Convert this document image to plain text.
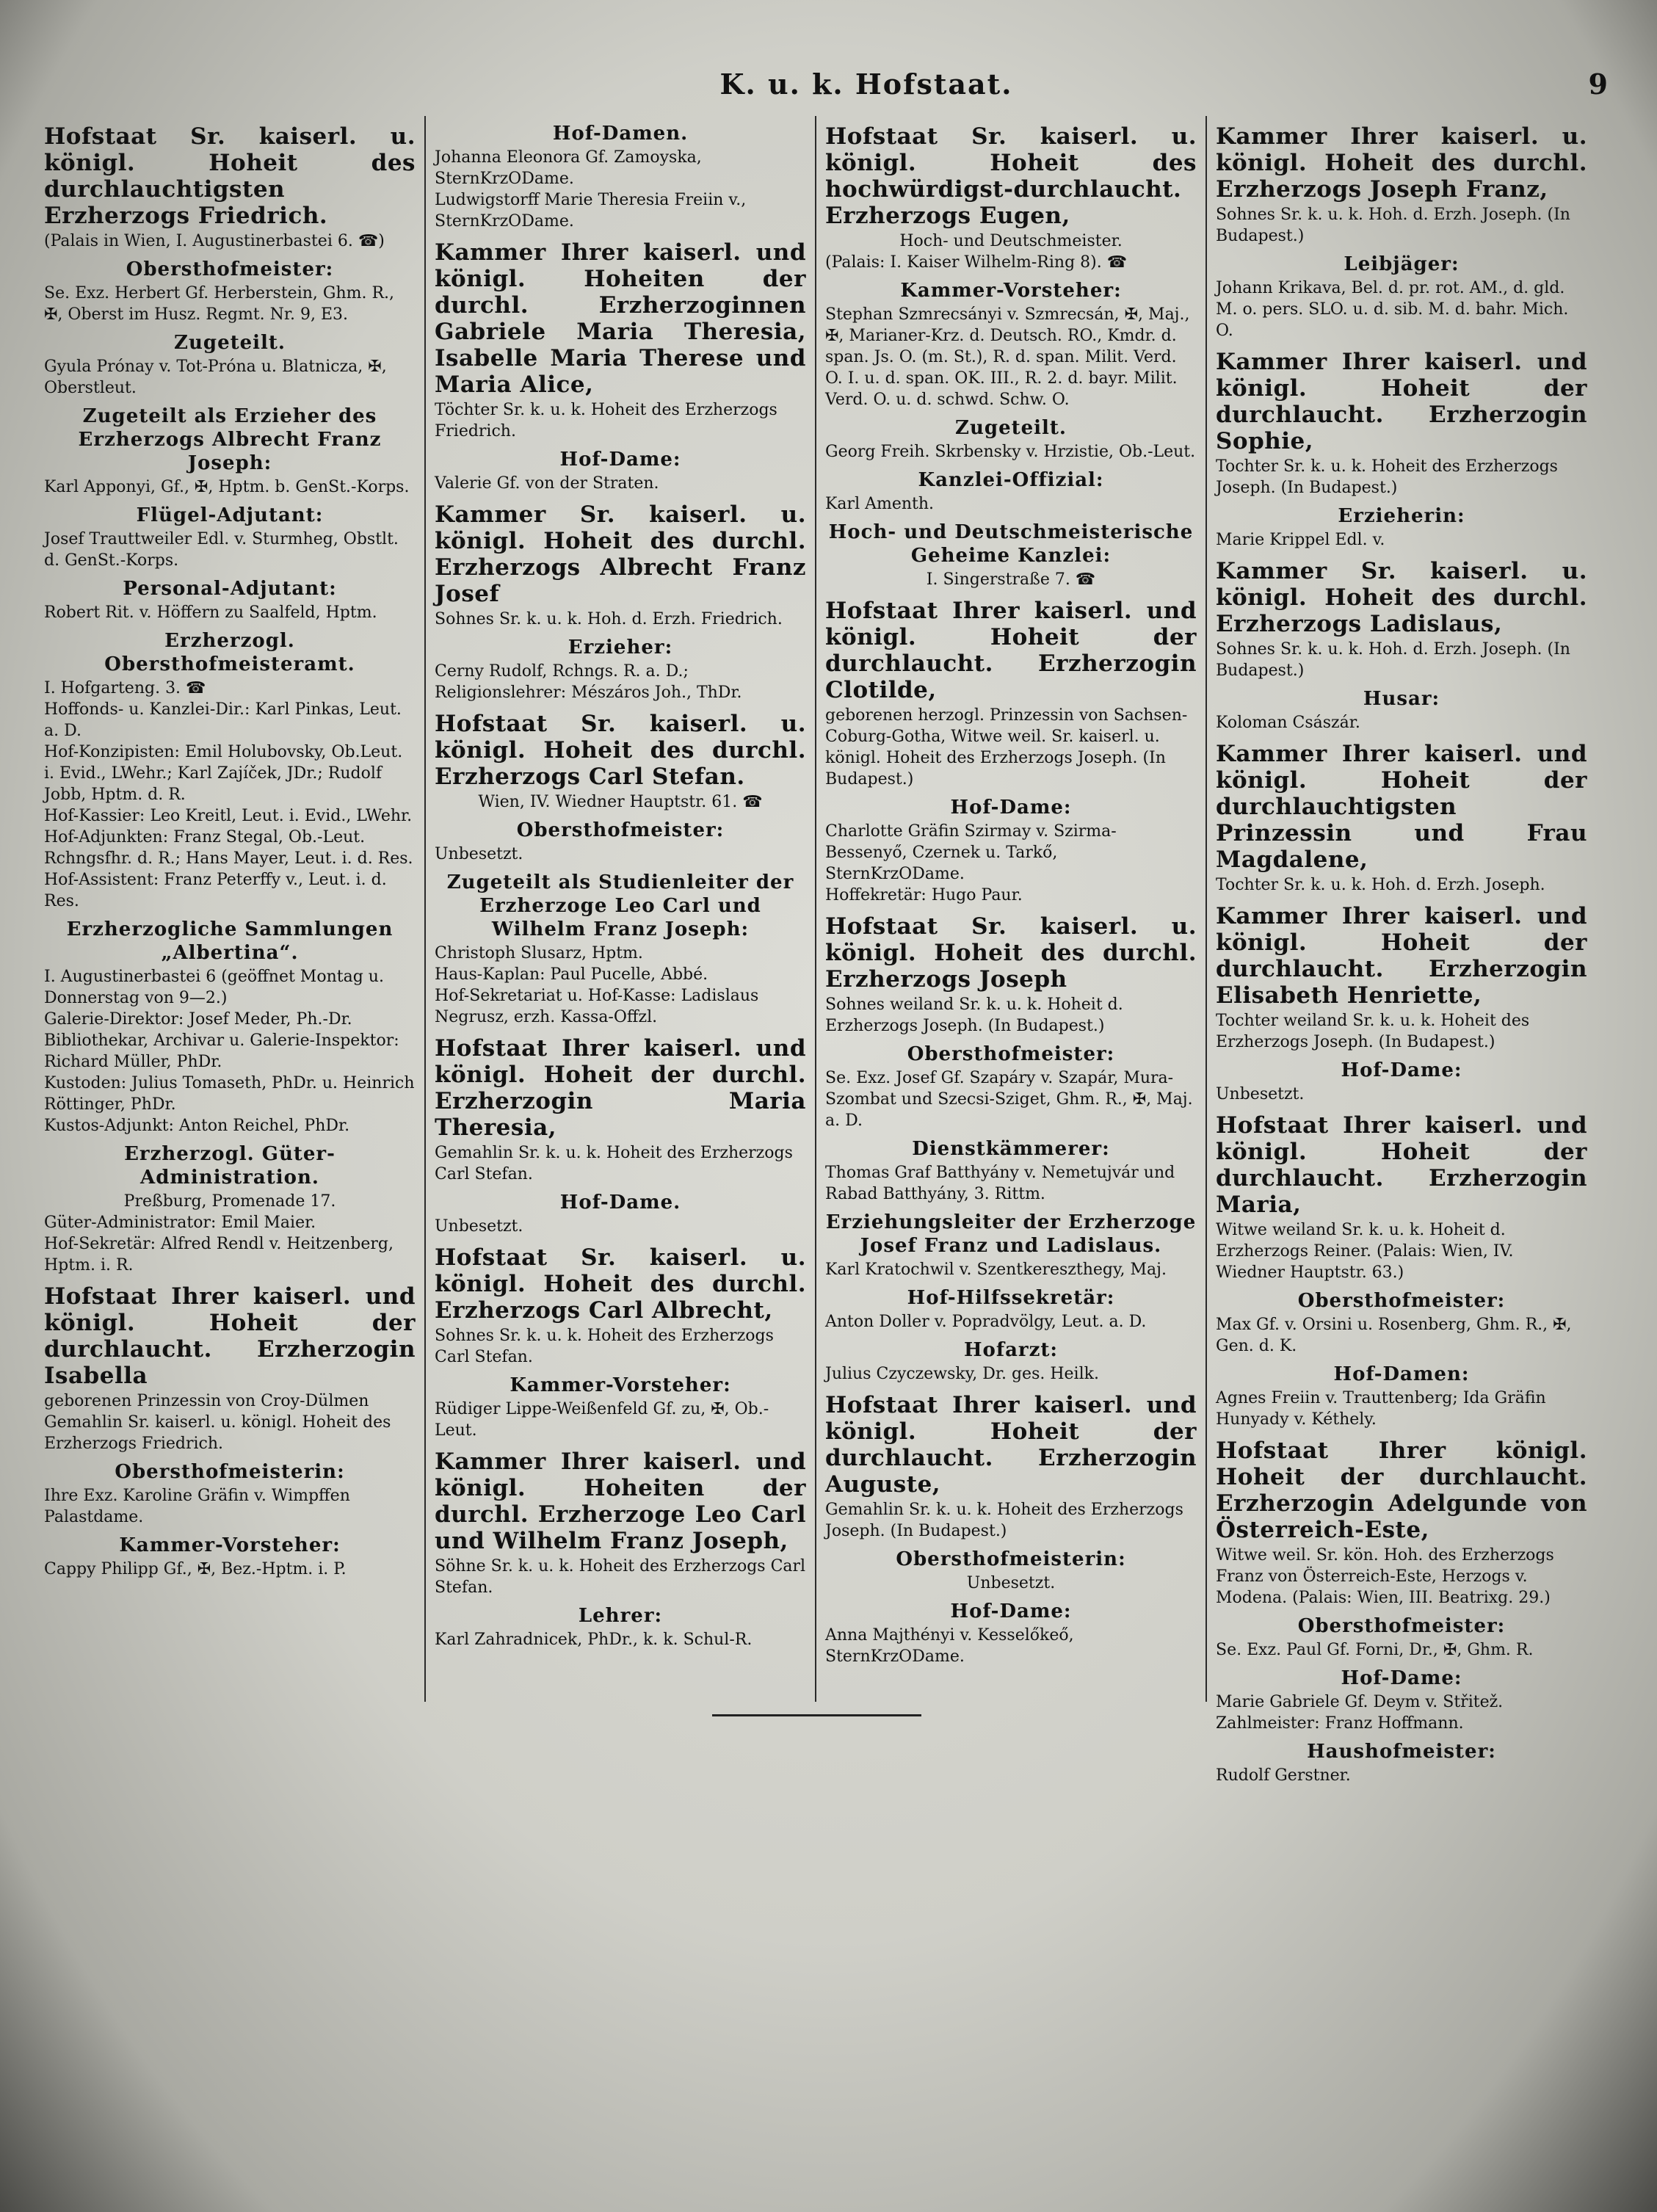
K. u. k. Hofstaat.	9

Hofstaat Sr. kaiserl. u. königl. Hoheit des durchlauchtigsten Erzherzogs Friedrich.

(Palais in Wien, I. Augustinerbastei 6. ☎)

Obersthofmeister:

Se. Exz. Herbert Gf. Herberstein, Ghm. R., ✠, Oberst im Husz. Regmt. Nr. 9, E3.

Zugeteilt.

Gyula Prónay v. Tot-Próna u. Blatnicza, ✠, Oberstleut.

Zugeteilt als Erzieher des Erzherzogs Albrecht Franz Joseph:

Karl Apponyi, Gf., ✠, Hptm. b. GenSt.-Korps.

Flügel-Adjutant:

Josef Trauttweiler Edl. v. Sturmheg, Obstlt. d. GenSt.-Korps.

Personal-Adjutant:

Robert Rit. v. Höffern zu Saalfeld, Hptm.

Erzherzogl. Obersthofmeisteramt.

I. Hofgarteng. 3. ☎

Hoffonds- u. Kanzlei-Dir.: Karl Pinkas, Leut. a. D.

Hof-Konzipisten: Emil Holubovsky, Ob.Leut. i. Evid., LWehr.; Karl Zajíček, JDr.; Rudolf Jobb, Hptm. d. R.

Hof-Kassier: Leo Kreitl, Leut. i. Evid., LWehr.

Hof-Adjunkten: Franz Stegal, Ob.-Leut. Rchngsfhr. d. R.; Hans Mayer, Leut. i. d. Res.

Hof-Assistent: Franz Peterffy v., Leut. i. d. Res.

Erzherzogliche Sammlungen „Albertina“.

I. Augustinerbastei 6 (geöffnet Montag u. Donnerstag von 9—2.)

Galerie-Direktor: Josef Meder, Ph.-Dr.

Bibliothekar, Archivar u. Galerie-Inspektor: Richard Müller, PhDr.

Kustoden: Julius Tomaseth, PhDr. u. Heinrich Röttinger, PhDr.

Kustos-Adjunkt: Anton Reichel, PhDr.

Erzherzogl. Güter-Administration.

Preßburg, Promenade 17.

Güter-Administrator: Emil Maier.

Hof-Sekretär: Alfred Rendl v. Heitzenberg, Hptm. i. R.

Hofstaat Ihrer kaiserl. und königl. Hoheit der durchlaucht. Erzherzogin Isabella

geborenen Prinzessin von Croy-Dülmen Gemahlin Sr. kaiserl. u. königl. Hoheit des Erzherzogs Friedrich.

Obersthofmeisterin:

Ihre Exz. Karoline Gräfin v. Wimpffen Palastdame.

Kammer-Vorsteher:

Cappy Philipp Gf., ✠, Bez.-Hptm. i. P.

Hof-Damen.

Johanna Eleonora Gf. Zamoyska, SternKrzODame.

Ludwigstorff Marie Theresia Freiin v., SternKrzODame.

Kammer Ihrer kaiserl. und königl. Hoheiten der durchl. Erzherzoginnen Gabriele Maria Theresia, Isabelle Maria Therese und Maria Alice,

Töchter Sr. k. u. k. Hoheit des Erzherzogs Friedrich.

Hof-Dame:

Valerie Gf. von der Straten.

Kammer Sr. kaiserl. u. königl. Hoheit des durchl. Erzherzogs Albrecht Franz Josef

Sohnes Sr. k. u. k. Hoh. d. Erzh. Friedrich.

Erzieher:

Cerny Rudolf, Rchngs. R. a. D.; Religionslehrer: Mészáros Joh., ThDr.

Hofstaat Sr. kaiserl. u. königl. Hoheit des durchl. Erzherzogs Carl Stefan.

Wien, IV. Wiedner Hauptstr. 61. ☎

Obersthofmeister:

Unbesetzt.

Zugeteilt als Studienleiter der Erzherzoge Leo Carl und Wilhelm Franz Joseph:

Christoph Slusarz, Hptm.

Haus-Kaplan: Paul Pucelle, Abbé.

Hof-Sekretariat u. Hof-Kasse: Ladislaus Negrusz, erzh. Kassa-Offzl.

Hofstaat Ihrer kaiserl. und königl. Hoheit der durchl. Erzherzogin Maria Theresia,

Gemahlin Sr. k. u. k. Hoheit des Erzherzogs Carl Stefan.

Hof-Dame.

Unbesetzt.

Hofstaat Sr. kaiserl. u. königl. Hoheit des durchl. Erzherzogs Carl Albrecht,

Sohnes Sr. k. u. k. Hoheit des Erzherzogs Carl Stefan.

Kammer-Vorsteher:

Rüdiger Lippe-Weißenfeld Gf. zu, ✠, Ob.-Leut.

Kammer Ihrer kaiserl. und königl. Hoheiten der durchl. Erzherzoge Leo Carl und Wilhelm Franz Joseph,

Söhne Sr. k. u. k. Hoheit des Erzherzogs Carl Stefan.

Lehrer:

Karl Zahradnicek, PhDr., k. k. Schul-R.

Hofstaat Sr. kaiserl. u. königl. Hoheit des hochwürdigst-durchlaucht. Erzherzogs Eugen,

Hoch- und Deutschmeister.

(Palais: I. Kaiser Wilhelm-Ring 8). ☎

Kammer-Vorsteher:

Stephan Szmrecsányi v. Szmrecsán, ✠, Maj., ✠, Marianer-Krz. d. Deutsch. RO., Kmdr. d. span. Js. O. (m. St.), R. d. span. Milit. Verd. O. I. u. d. span. OK. III., R. 2. d. bayr. Milit. Verd. O. u. d. schwd. Schw. O.

Zugeteilt.

Georg Freih. Skrbensky v. Hrzistie, Ob.-Leut.

Kanzlei-Offizial:

Karl Amenth.

Hoch- und Deutschmeisterische Geheime Kanzlei:

I. Singerstraße 7. ☎

Hofstaat Ihrer kaiserl. und königl. Hoheit der durchlaucht. Erzherzogin Clotilde,

geborenen herzogl. Prinzessin von Sachsen-Coburg-Gotha, Witwe weil. Sr. kaiserl. u. königl. Hoheit des Erzherzogs Joseph. (In Budapest.)

Hof-Dame:

Charlotte Gräfin Szirmay v. Szirma-Bessenyő, Czernek u. Tarkő, SternKrzODame.

Hoffekretär: Hugo Paur.

Hofstaat Sr. kaiserl. u. königl. Hoheit des durchl. Erzherzogs Joseph

Sohnes weiland Sr. k. u. k. Hoheit d. Erzherzogs Joseph. (In Budapest.)

Obersthofmeister:

Se. Exz. Josef Gf. Szapáry v. Szapár, Mura-Szombat und Szecsi-Sziget, Ghm. R., ✠, Maj. a. D.

Dienstkämmerer:

Thomas Graf Batthyány v. Nemetujvár und Rabad Batthyány, 3. Rittm.

Erziehungsleiter der Erzherzoge Josef Franz und Ladislaus.

Karl Kratochwil v. Szentkereszthegy, Maj.

Hof-Hilfssekretär:

Anton Doller v. Popradvölgy, Leut. a. D.

Hofarzt:

Julius Czyczewsky, Dr. ges. Heilk.

Hofstaat Ihrer kaiserl. und königl. Hoheit der durchlaucht. Erzherzogin Auguste,

Gemahlin Sr. k. u. k. Hoheit des Erzherzogs Joseph. (In Budapest.)

Obersthofmeisterin:

Unbesetzt.

Hof-Dame:

Anna Majthényi v. Kesselőkeő, SternKrzODame.

Kammer Ihrer kaiserl. u. königl. Hoheit des durchl. Erzherzogs Joseph Franz,

Sohnes Sr. k. u. k. Hoh. d. Erzh. Joseph. (In Budapest.)

Leibjäger:

Johann Krikava, Bel. d. pr. rot. AM., d. gld. M. o. pers. SLO. u. d. sib. M. d. bahr. Mich. O.

Kammer Ihrer kaiserl. und königl. Hoheit der durchlaucht. Erzherzogin Sophie,

Tochter Sr. k. u. k. Hoheit des Erzherzogs Joseph. (In Budapest.)

Erzieherin:

Marie Krippel Edl. v.

Kammer Sr. kaiserl. u. königl. Hoheit des durchl. Erzherzogs Ladislaus,

Sohnes Sr. k. u. k. Hoh. d. Erzh. Joseph. (In Budapest.)

Husar:

Koloman Császár.

Kammer Ihrer kaiserl. und königl. Hoheit der durchlauchtigsten Prinzessin und Frau Magdalene,

Tochter Sr. k. u. k. Hoh. d. Erzh. Joseph.

Kammer Ihrer kaiserl. und königl. Hoheit der durchlaucht. Erzherzogin Elisabeth Henriette,

Tochter weiland Sr. k. u. k. Hoheit des Erzherzogs Joseph. (In Budapest.)

Hof-Dame:

Unbesetzt.

Hofstaat Ihrer kaiserl. und königl. Hoheit der durchlaucht. Erzherzogin Maria,

Witwe weiland Sr. k. u. k. Hoheit d. Erzherzogs Reiner. (Palais: Wien, IV. Wiedner Hauptstr. 63.)

Obersthofmeister:

Max Gf. v. Orsini u. Rosenberg, Ghm. R., ✠, Gen. d. K.

Hof-Damen:

Agnes Freiin v. Trauttenberg; Ida Gräfin Hunyady v. Kéthely.

Hofstaat Ihrer königl. Hoheit der durchlaucht. Erzherzogin Adelgunde von Österreich-Este,

Witwe weil. Sr. kön. Hoh. des Erzherzogs Franz von Österreich-Este, Herzogs v. Modena. (Palais: Wien, III. Beatrixg. 29.)

Obersthofmeister:

Se. Exz. Paul Gf. Forni, Dr., ✠, Ghm. R.

Hof-Dame:

Marie Gabriele Gf. Deym v. Střitež.

Zahlmeister: Franz Hoffmann.

Haushofmeister:

Rudolf Gerstner.
